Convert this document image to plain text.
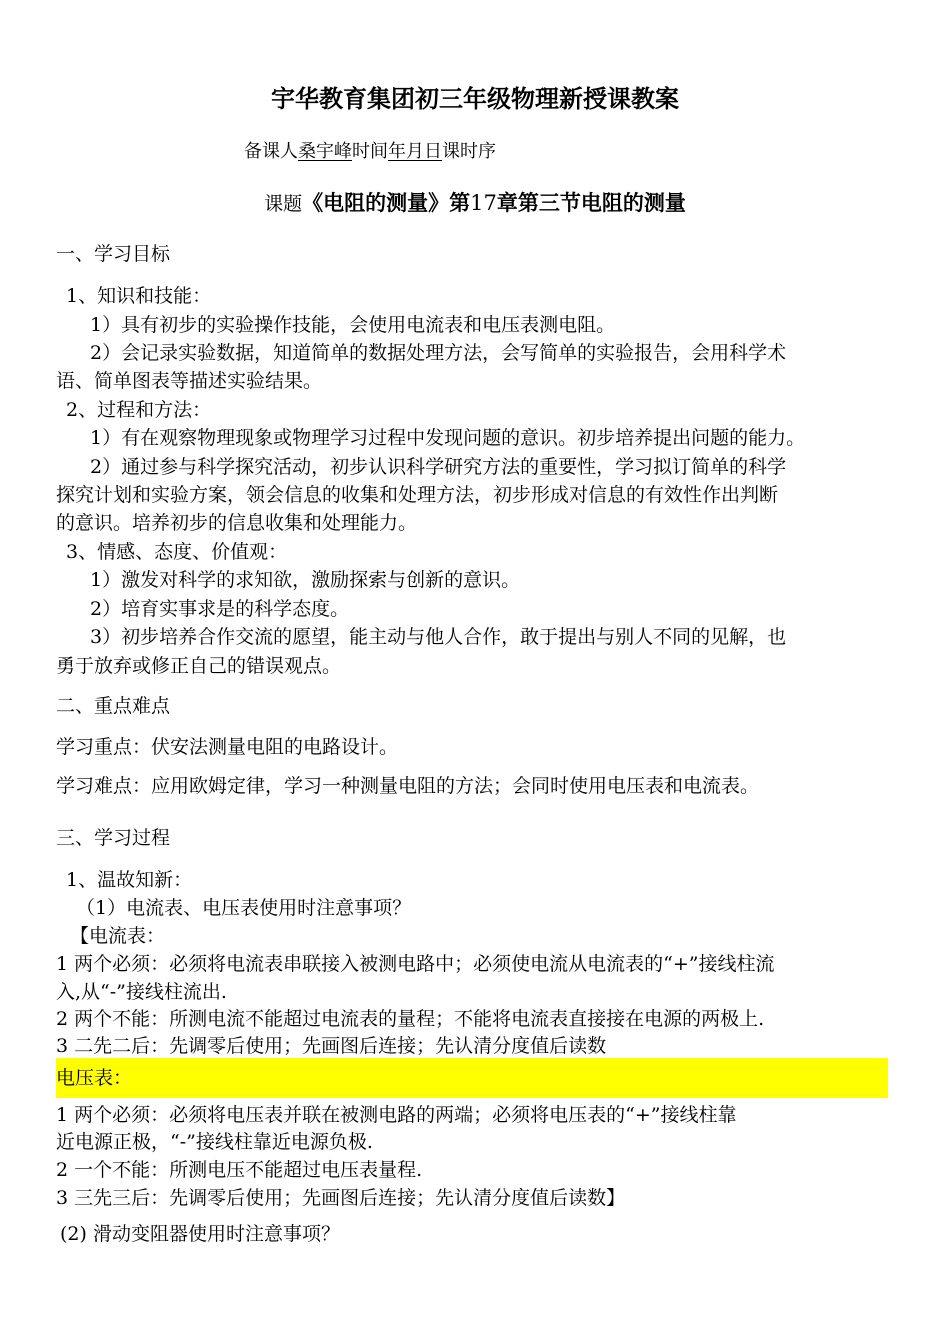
宇华教育集团初三年级物理新授课教案
备课人桑宇峰时间年月日课时序
课题《电阻的测量》第17章第三节电阻的测量
一、学习目标
1、知识和技能：
1）具有初步的实验操作技能，会使用电流表和电压表测电阻。
2）会记录实验数据，知道简单的数据处理方法，会写简单的实验报告，会用科学术
语、简单图表等描述实验结果。
2、过程和方法：
1）有在观察物理现象或物理学习过程中发现问题的意识。初步培养提出问题的能力。
2）通过参与科学探究活动，初步认识科学研究方法的重要性，学习拟订简单的科学
探究计划和实验方案，领会信息的收集和处理方法，初步形成对信息的有效性作出判断
的意识。培养初步的信息收集和处理能力。
3、情感、态度、价值观：
1）激发对科学的求知欲，激励探索与创新的意识。
2）培育实事求是的科学态度。
3）初步培养合作交流的愿望，能主动与他人合作，敢于提出与别人不同的见解，也
勇于放弃或修正自己的错误观点。
二、重点难点
学习重点：伏安法测量电阻的电路设计。
学习难点：应用欧姆定律，学习一种测量电阻的方法；会同时使用电压表和电流表。
三、学习过程
1、温故知新：
（1）电流表、电压表使用时注意事项？
【电流表：
1 两个必须：必须将电流表串联接入被测电路中；必须使电流从电流表的“+”接线柱流
入,从“-”接线柱流出.
2 两个不能：所测电流不能超过电流表的量程；不能将电流表直接接在电源的两极上.
3 二先二后：先调零后使用；先画图后连接；先认清分度值后读数
电压表：
1 两个必须：必须将电压表并联在被测电路的两端；必须将电压表的“+”接线柱靠
近电源正极，“-”接线柱靠近电源负极.
2 一个不能：所测电压不能超过电压表量程.
3 三先三后：先调零后使用；先画图后连接；先认清分度值后读数】
(2) 滑动变阻器使用时注意事项？
